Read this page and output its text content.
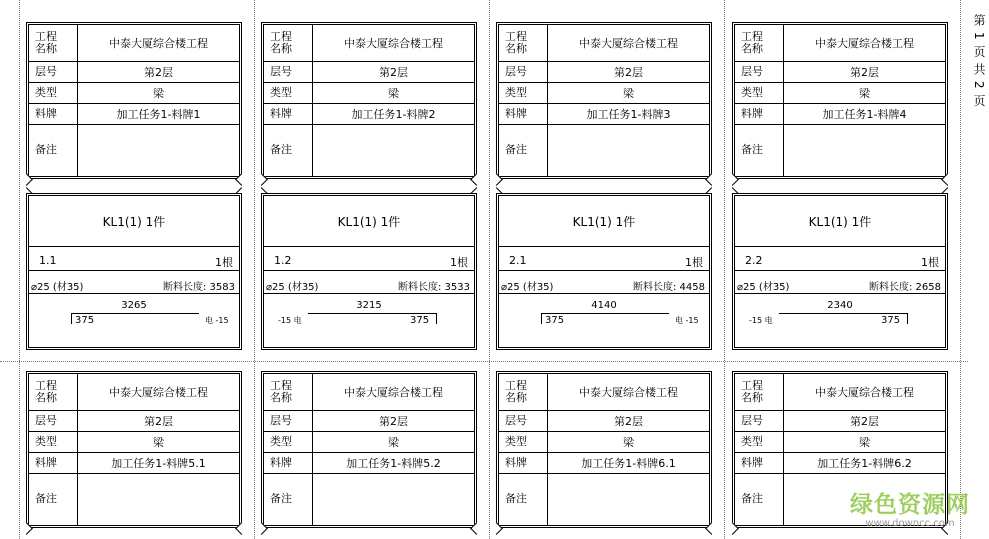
工程
名称	中泰大厦综合楼工程
层号	第2层
类型	梁
料牌	加工任务1-料牌1
备注	
KL1(1) 1件
1.1	1根
⌀25 (材35)	断料长度: 3583
3265
375	电 -15
工程
名称	中泰大厦综合楼工程
层号	第2层
类型	梁
料牌	加工任务1-料牌2
备注	
KL1(1) 1件
1.2	1根
⌀25 (材35)	断料长度: 3533
3215
375
-15 电
工程
名称	中泰大厦综合楼工程
层号	第2层
类型	梁
料牌	加工任务1-料牌3
备注	
KL1(1) 1件
2.1	1根
⌀25 (材35)	断料长度: 4458
4140
375	电 -15
工程
名称	中泰大厦综合楼工程
层号	第2层
类型	梁
料牌	加工任务1-料牌4
备注	
KL1(1) 1件
2.2	1根
⌀25 (材35)	断料长度: 2658
2340
375
-15 电
工程
名称	中泰大厦综合楼工程
层号	第2层
类型	梁
料牌	加工任务1-料牌5.1
备注	
工程
名称	中泰大厦综合楼工程
层号	第2层
类型	梁
料牌	加工任务1-料牌5.2
备注	
工程
名称	中泰大厦综合楼工程
层号	第2层
类型	梁
料牌	加工任务1-料牌6.1
备注	
工程
名称	中泰大厦综合楼工程
层号	第2层
类型	梁
料牌	加工任务1-料牌6.2
备注	
第 1 页 共 2 页
绿色资源网
www.downcc.com
